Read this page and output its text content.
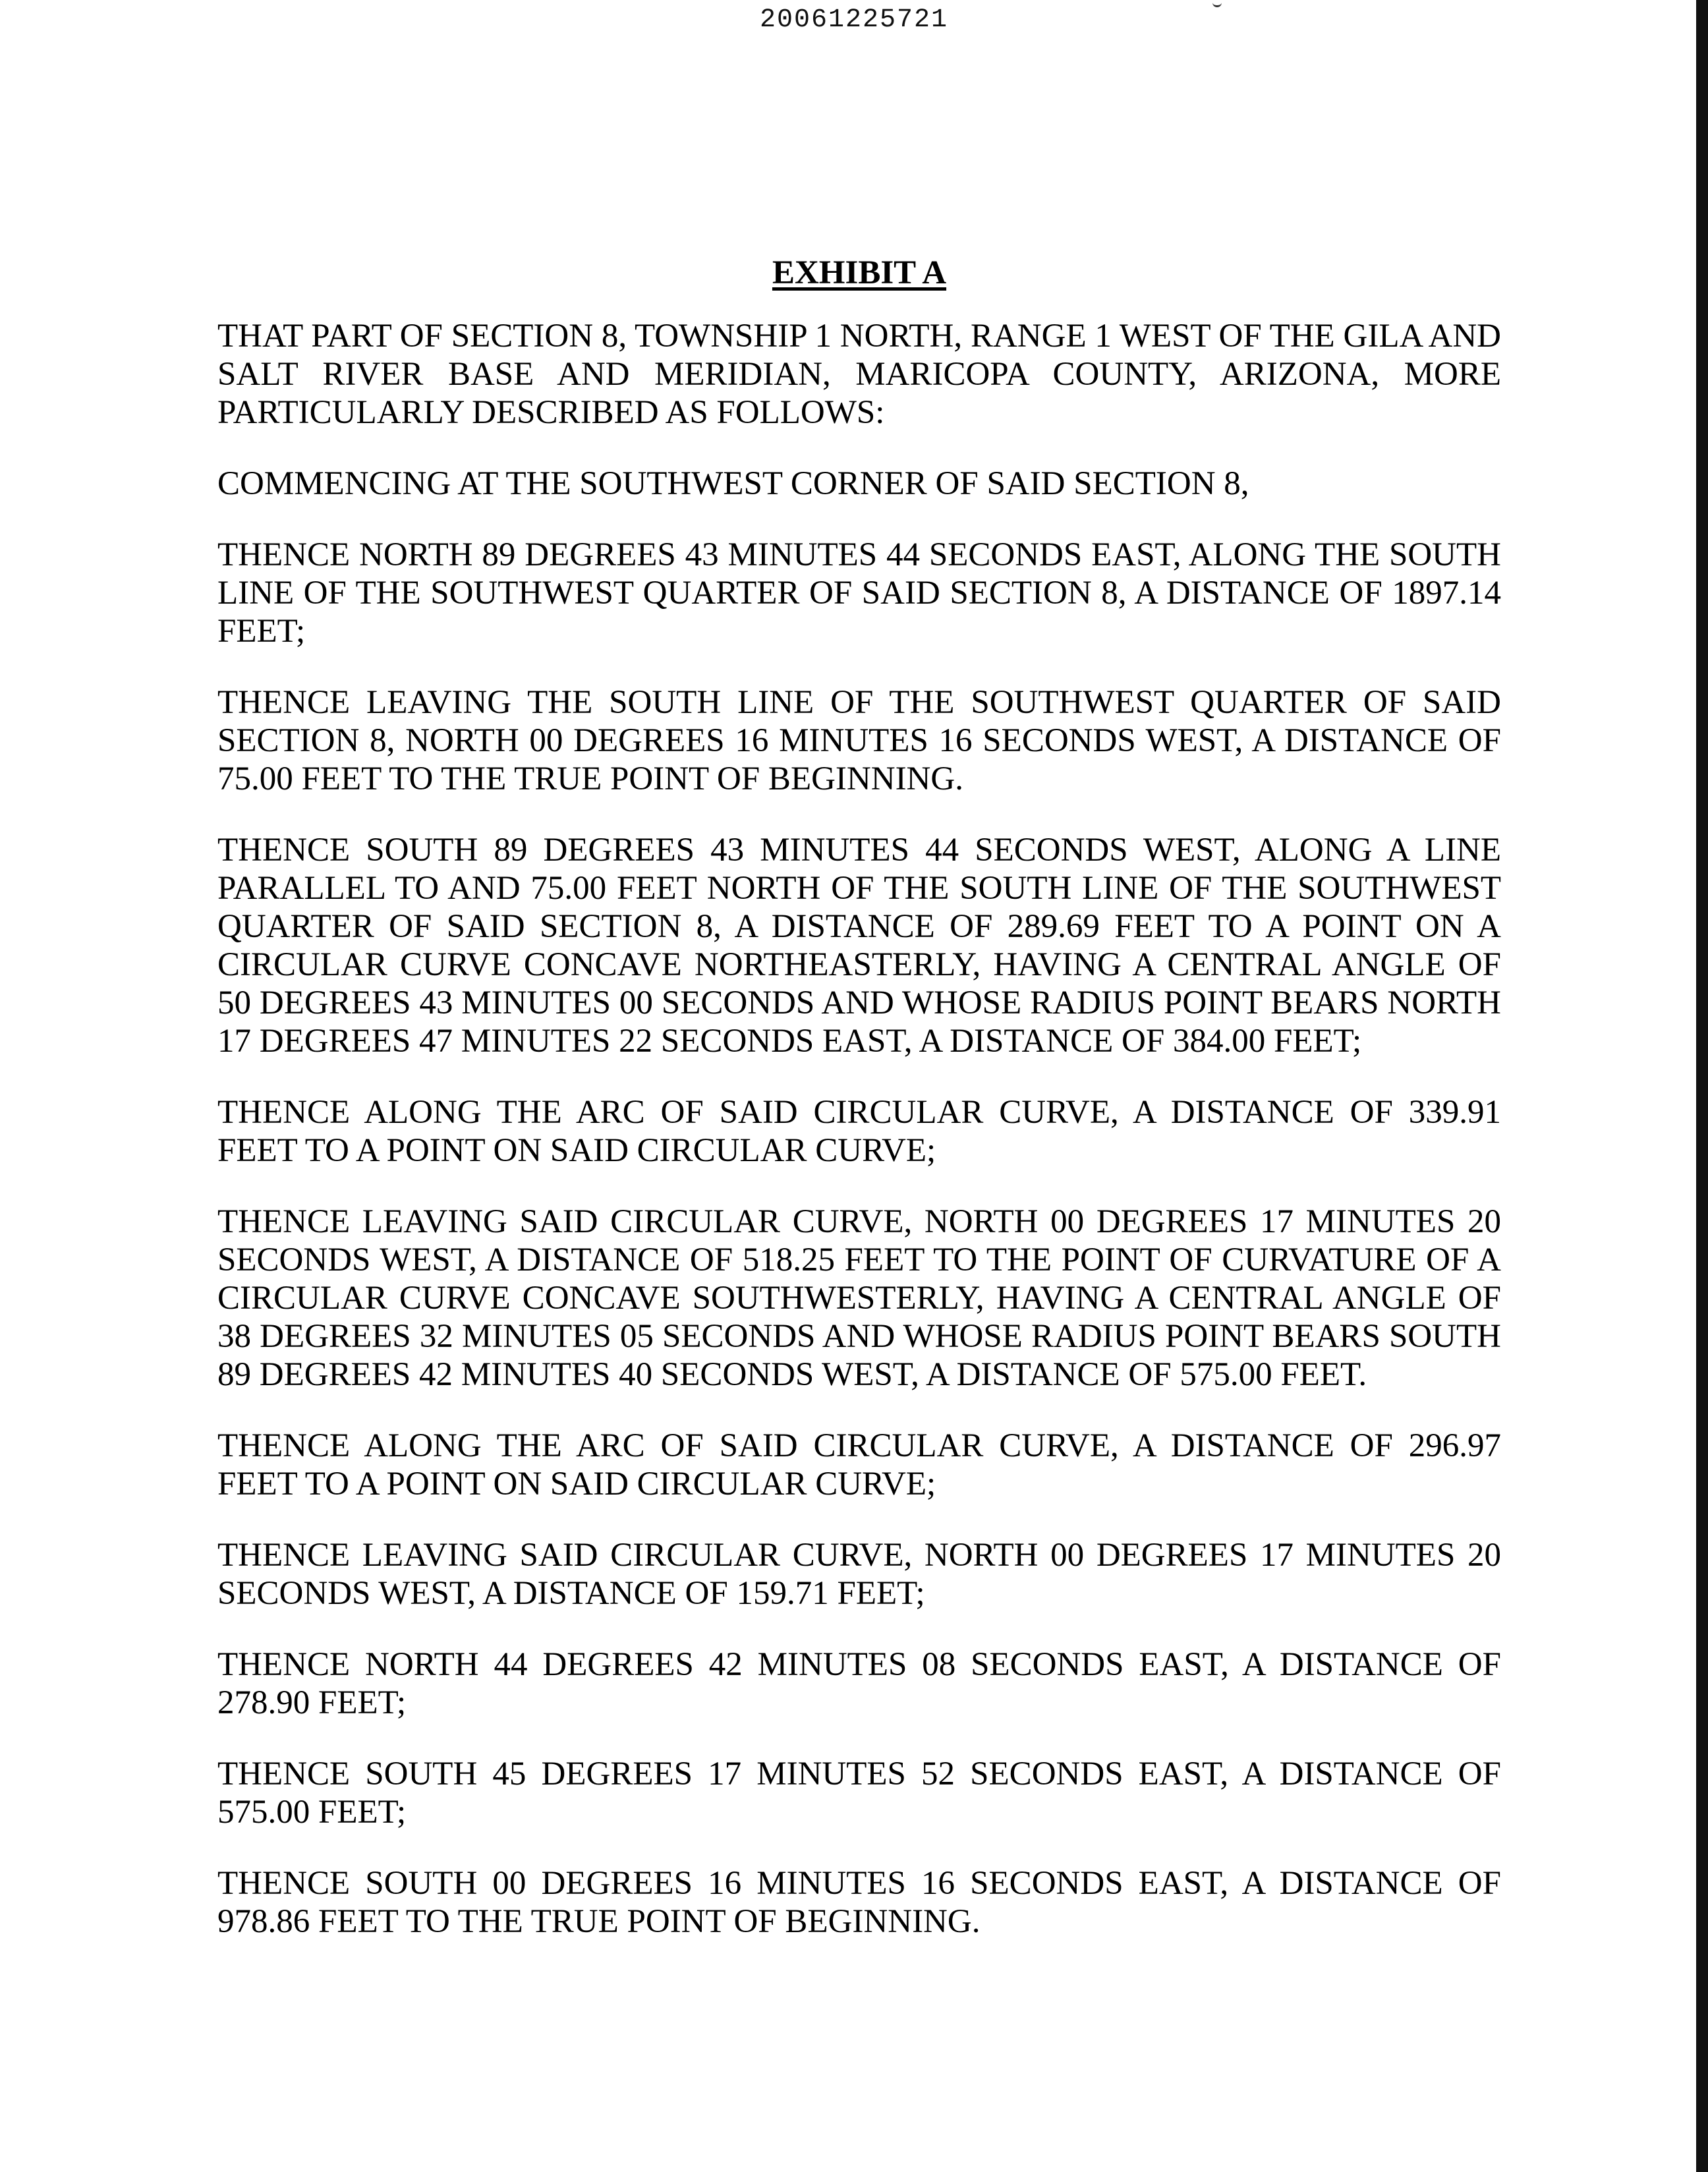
20061225721
EXHIBIT A

THAT PART OF SECTION 8, TOWNSHIP 1 NORTH, RANGE 1 WEST OF THE GILA AND SALT RIVER BASE AND MERIDIAN, MARICOPA COUNTY, ARIZONA, MORE PARTICULARLY DESCRIBED AS FOLLOWS:

COMMENCING AT THE SOUTHWEST CORNER OF SAID SECTION 8,

THENCE NORTH 89 DEGREES 43 MINUTES 44 SECONDS EAST, ALONG THE SOUTH LINE OF THE SOUTHWEST QUARTER OF SAID SECTION 8, A DISTANCE OF 1897.14 FEET;

THENCE LEAVING THE SOUTH LINE OF THE SOUTHWEST QUARTER OF SAID SECTION 8, NORTH 00 DEGREES 16 MINUTES 16 SECONDS WEST, A DISTANCE OF 75.00 FEET TO THE TRUE POINT OF BEGINNING.

THENCE SOUTH 89 DEGREES 43 MINUTES 44 SECONDS WEST, ALONG A LINE PARALLEL TO AND 75.00 FEET NORTH OF THE SOUTH LINE OF THE SOUTHWEST QUARTER OF SAID SECTION 8, A DISTANCE OF 289.69 FEET TO A POINT ON A CIRCULAR CURVE CONCAVE NORTHEASTERLY, HAVING A CENTRAL ANGLE OF 50 DEGREES 43 MINUTES 00 SECONDS AND WHOSE RADIUS POINT BEARS NORTH 17 DEGREES 47 MINUTES 22 SECONDS EAST, A DISTANCE OF 384.00 FEET;

THENCE ALONG THE ARC OF SAID CIRCULAR CURVE, A DISTANCE OF 339.91 FEET TO A POINT ON SAID CIRCULAR CURVE;

THENCE LEAVING SAID CIRCULAR CURVE, NORTH 00 DEGREES 17 MINUTES 20 SECONDS WEST, A DISTANCE OF 518.25 FEET TO THE POINT OF CURVATURE OF A CIRCULAR CURVE CONCAVE SOUTHWESTERLY, HAVING A CENTRAL ANGLE OF 38 DEGREES 32 MINUTES 05 SECONDS AND WHOSE RADIUS POINT BEARS SOUTH 89 DEGREES 42 MINUTES 40 SECONDS WEST, A DISTANCE OF 575.00 FEET.

THENCE ALONG THE ARC OF SAID CIRCULAR CURVE, A DISTANCE OF 296.97 FEET TO A POINT ON SAID CIRCULAR CURVE;

THENCE LEAVING SAID CIRCULAR CURVE, NORTH 00 DEGREES 17 MINUTES 20 SECONDS WEST, A DISTANCE OF 159.71 FEET;

THENCE NORTH 44 DEGREES 42 MINUTES 08 SECONDS EAST, A DISTANCE OF 278.90 FEET;

THENCE SOUTH 45 DEGREES 17 MINUTES 52 SECONDS EAST, A DISTANCE OF 575.00 FEET;

THENCE SOUTH 00 DEGREES 16 MINUTES 16 SECONDS EAST, A DISTANCE OF 978.86 FEET TO THE TRUE POINT OF BEGINNING.
